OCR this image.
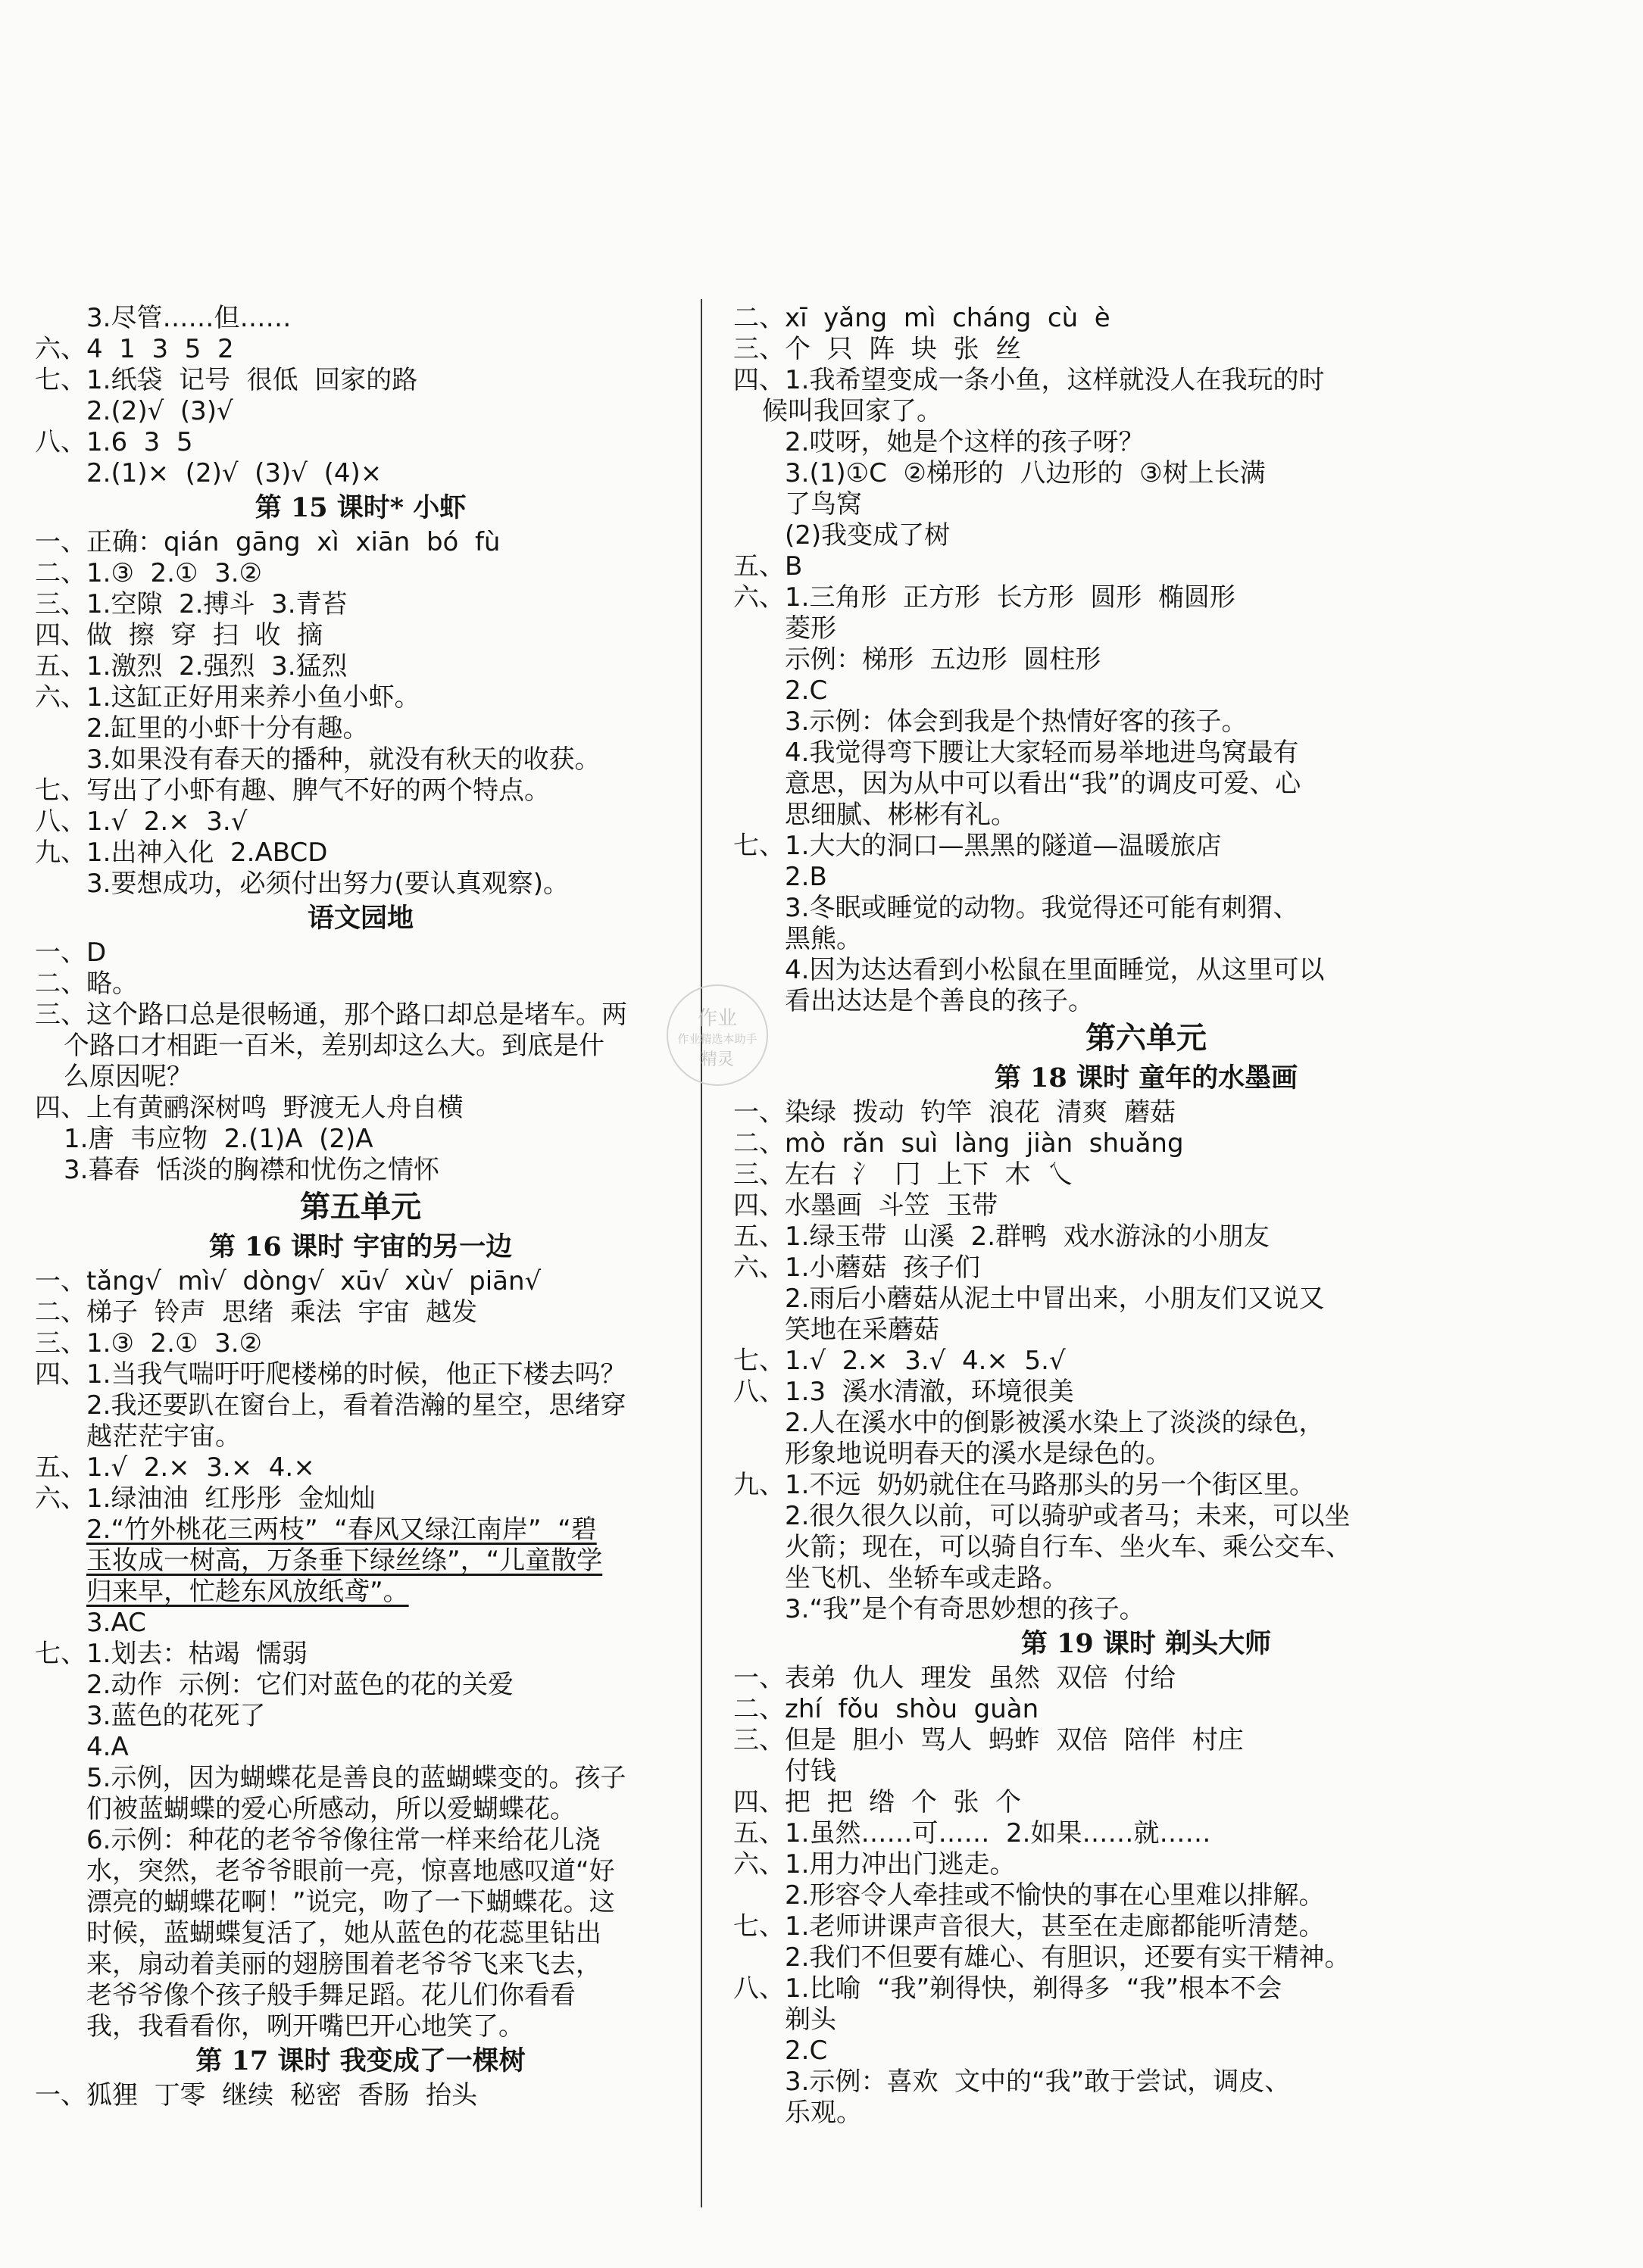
3.尽管……但……
六、4  1  3  5  2
七、1.纸袋  记号  很低  回家的路
2.(2)√  (3)√
八、1.6  3  5
2.(1)×  (2)√  (3)√  (4)×
第 15 课时* 小虾
一、正确：qián  gāng  xì  xiān  bó  fù
二、1.③  2.①  3.②
三、1.空隙  2.搏斗  3.青苔
四、做  擦  穿  扫  收  摘
五、1.激烈  2.强烈  3.猛烈
六、1.这缸正好用来养小鱼小虾。
2.缸里的小虾十分有趣。
3.如果没有春天的播种，就没有秋天的收获。
七、写出了小虾有趣、脾气不好的两个特点。
八、1.√  2.×  3.√
九、1.出神入化  2.ABCD
3.要想成功，必须付出努力(要认真观察)。
语文园地
一、D
二、略。
三、这个路口总是很畅通，那个路口却总是堵车。两
个路口才相距一百米，差别却这么大。到底是什
么原因呢？
四、上有黄鹂深树鸣  野渡无人舟自横
1.唐  韦应物  2.(1)A  (2)A
3.暮春  恬淡的胸襟和忧伤之情怀
第五单元
第 16 课时 宇宙的另一边
一、tǎng√  mì√  dòng√  xū√  xù√  piān√
二、梯子  铃声  思绪  乘法  宇宙  越发
三、1.③  2.①  3.②
四、1.当我气喘吁吁爬楼梯的时候，他正下楼去吗？
2.我还要趴在窗台上，看着浩瀚的星空，思绪穿
越茫茫宇宙。
五、1.√  2.×  3.×  4.×
六、1.绿油油  红彤彤  金灿灿
2.“竹外桃花三两枝”  “春风又绿江南岸”  “碧
玉妆成一树高，万条垂下绿丝绦”，“儿童散学
归来早，忙趁东风放纸鸢”。
3.AC
七、1.划去：枯竭  懦弱
2.动作  示例：它们对蓝色的花的关爱
3.蓝色的花死了
4.A
5.示例，因为蝴蝶花是善良的蓝蝴蝶变的。孩子
们被蓝蝴蝶的爱心所感动，所以爱蝴蝶花。
6.示例：种花的老爷爷像往常一样来给花儿浇
水，突然，老爷爷眼前一亮，惊喜地感叹道“好
漂亮的蝴蝶花啊！”说完，吻了一下蝴蝶花。这
时候，蓝蝴蝶复活了，她从蓝色的花蕊里钻出
来，扇动着美丽的翅膀围着老爷爷飞来飞去，
老爷爷像个孩子般手舞足蹈。花儿们你看看
我，我看看你，咧开嘴巴开心地笑了。
第 17 课时 我变成了一棵树
一、狐狸  丁零  继续  秘密  香肠  抬头
二、xī  yǎng  mì  cháng  cù  è
三、个  只  阵  块  张  丝
四、1.我希望变成一条小鱼，这样就没人在我玩的时
候叫我回家了。
2.哎呀，她是个这样的孩子呀？
3.(1)①C  ②梯形的  八边形的  ③树上长满
了鸟窝
(2)我变成了树
五、B
六、1.三角形  正方形  长方形  圆形  椭圆形
菱形
示例：梯形  五边形  圆柱形
2.C
3.示例：体会到我是个热情好客的孩子。
4.我觉得弯下腰让大家轻而易举地进鸟窝最有
意思，因为从中可以看出“我”的调皮可爱、心
思细腻、彬彬有礼。
七、1.大大的洞口—黑黑的隧道—温暖旅店
2.B
3.冬眠或睡觉的动物。我觉得还可能有刺猬、
黑熊。
4.因为达达看到小松鼠在里面睡觉，从这里可以
看出达达是个善良的孩子。
第六单元
第 18 课时 童年的水墨画
一、染绿  拨动  钓竿  浪花  清爽  蘑菇
二、mò  rǎn  suì  làng  jiàn  shuǎng
三、左右  氵  冂  上下  木  乀
四、水墨画  斗笠  玉带
五、1.绿玉带  山溪  2.群鸭  戏水游泳的小朋友
六、1.小蘑菇  孩子们
2.雨后小蘑菇从泥土中冒出来，小朋友们又说又
笑地在采蘑菇
七、1.√  2.×  3.√  4.×  5.√
八、1.3  溪水清澈，环境很美
2.人在溪水中的倒影被溪水染上了淡淡的绿色，
形象地说明春天的溪水是绿色的。
九、1.不远  奶奶就住在马路那头的另一个街区里。
2.很久很久以前，可以骑驴或者马；未来，可以坐
火箭；现在，可以骑自行车、坐火车、乘公交车、
坐飞机、坐轿车或走路。
3.“我”是个有奇思妙想的孩子。
第 19 课时 剃头大师
一、表弟  仇人  理发  虽然  双倍  付给
二、zhí  fǒu  shòu  guàn
三、但是  胆小  骂人  蚂蚱  双倍  陪伴  村庄
付钱
四、把  把  绺  个  张  个
五、1.虽然……可……  2.如果……就……
六、1.用力冲出门逃走。
2.形容令人牵挂或不愉快的事在心里难以排解。
七、1.老师讲课声音很大，甚至在走廊都能听清楚。
2.我们不但要有雄心、有胆识，还要有实干精神。
八、1.比喻  “我”剃得快，剃得多  “我”根本不会
剃头
2.C
3.示例：喜欢  文中的“我”敢于尝试，调皮、
乐观。
作业
作业精选本助手
精灵
